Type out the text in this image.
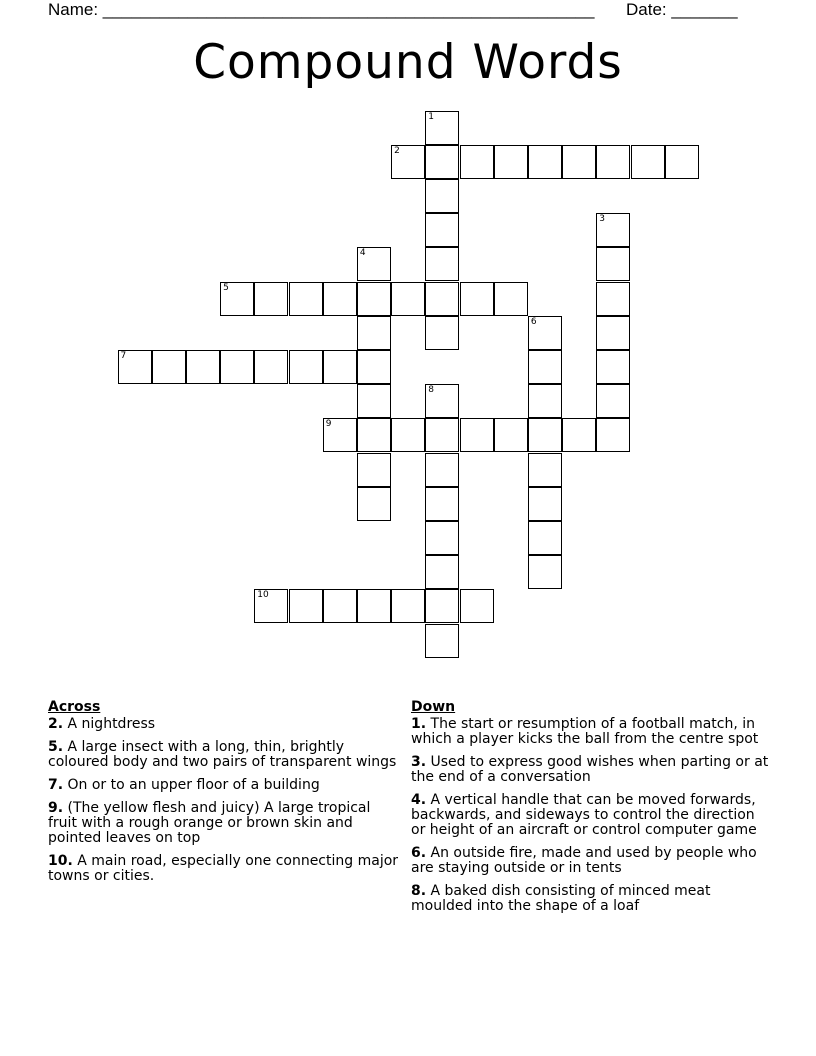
Name: ____________________________________________________ Date: _______
Compound Words
1
2
3
4
5
6
7
8
9
10
Across
2. A nightdress
5. A large insect with a long, thin, brightly coloured body and two pairs of transparent wings
7. On or to an upper floor of a building
9. (The yellow flesh and juicy) A large tropical fruit with a rough orange or brown skin and pointed leaves on top
10. A main road, especially one connecting major towns or cities.
Down
1. The start or resumption of a football match, in which a player kicks the ball from the centre spot
3. Used to express good wishes when parting or at the end of a conversation
4. A vertical handle that can be moved forwards, backwards, and sideways to control the direction or height of an aircraft or control computer game
6. An outside fire, made and used by people who are staying outside or in tents
8. A baked dish consisting of minced meat moulded into the shape of a loaf
